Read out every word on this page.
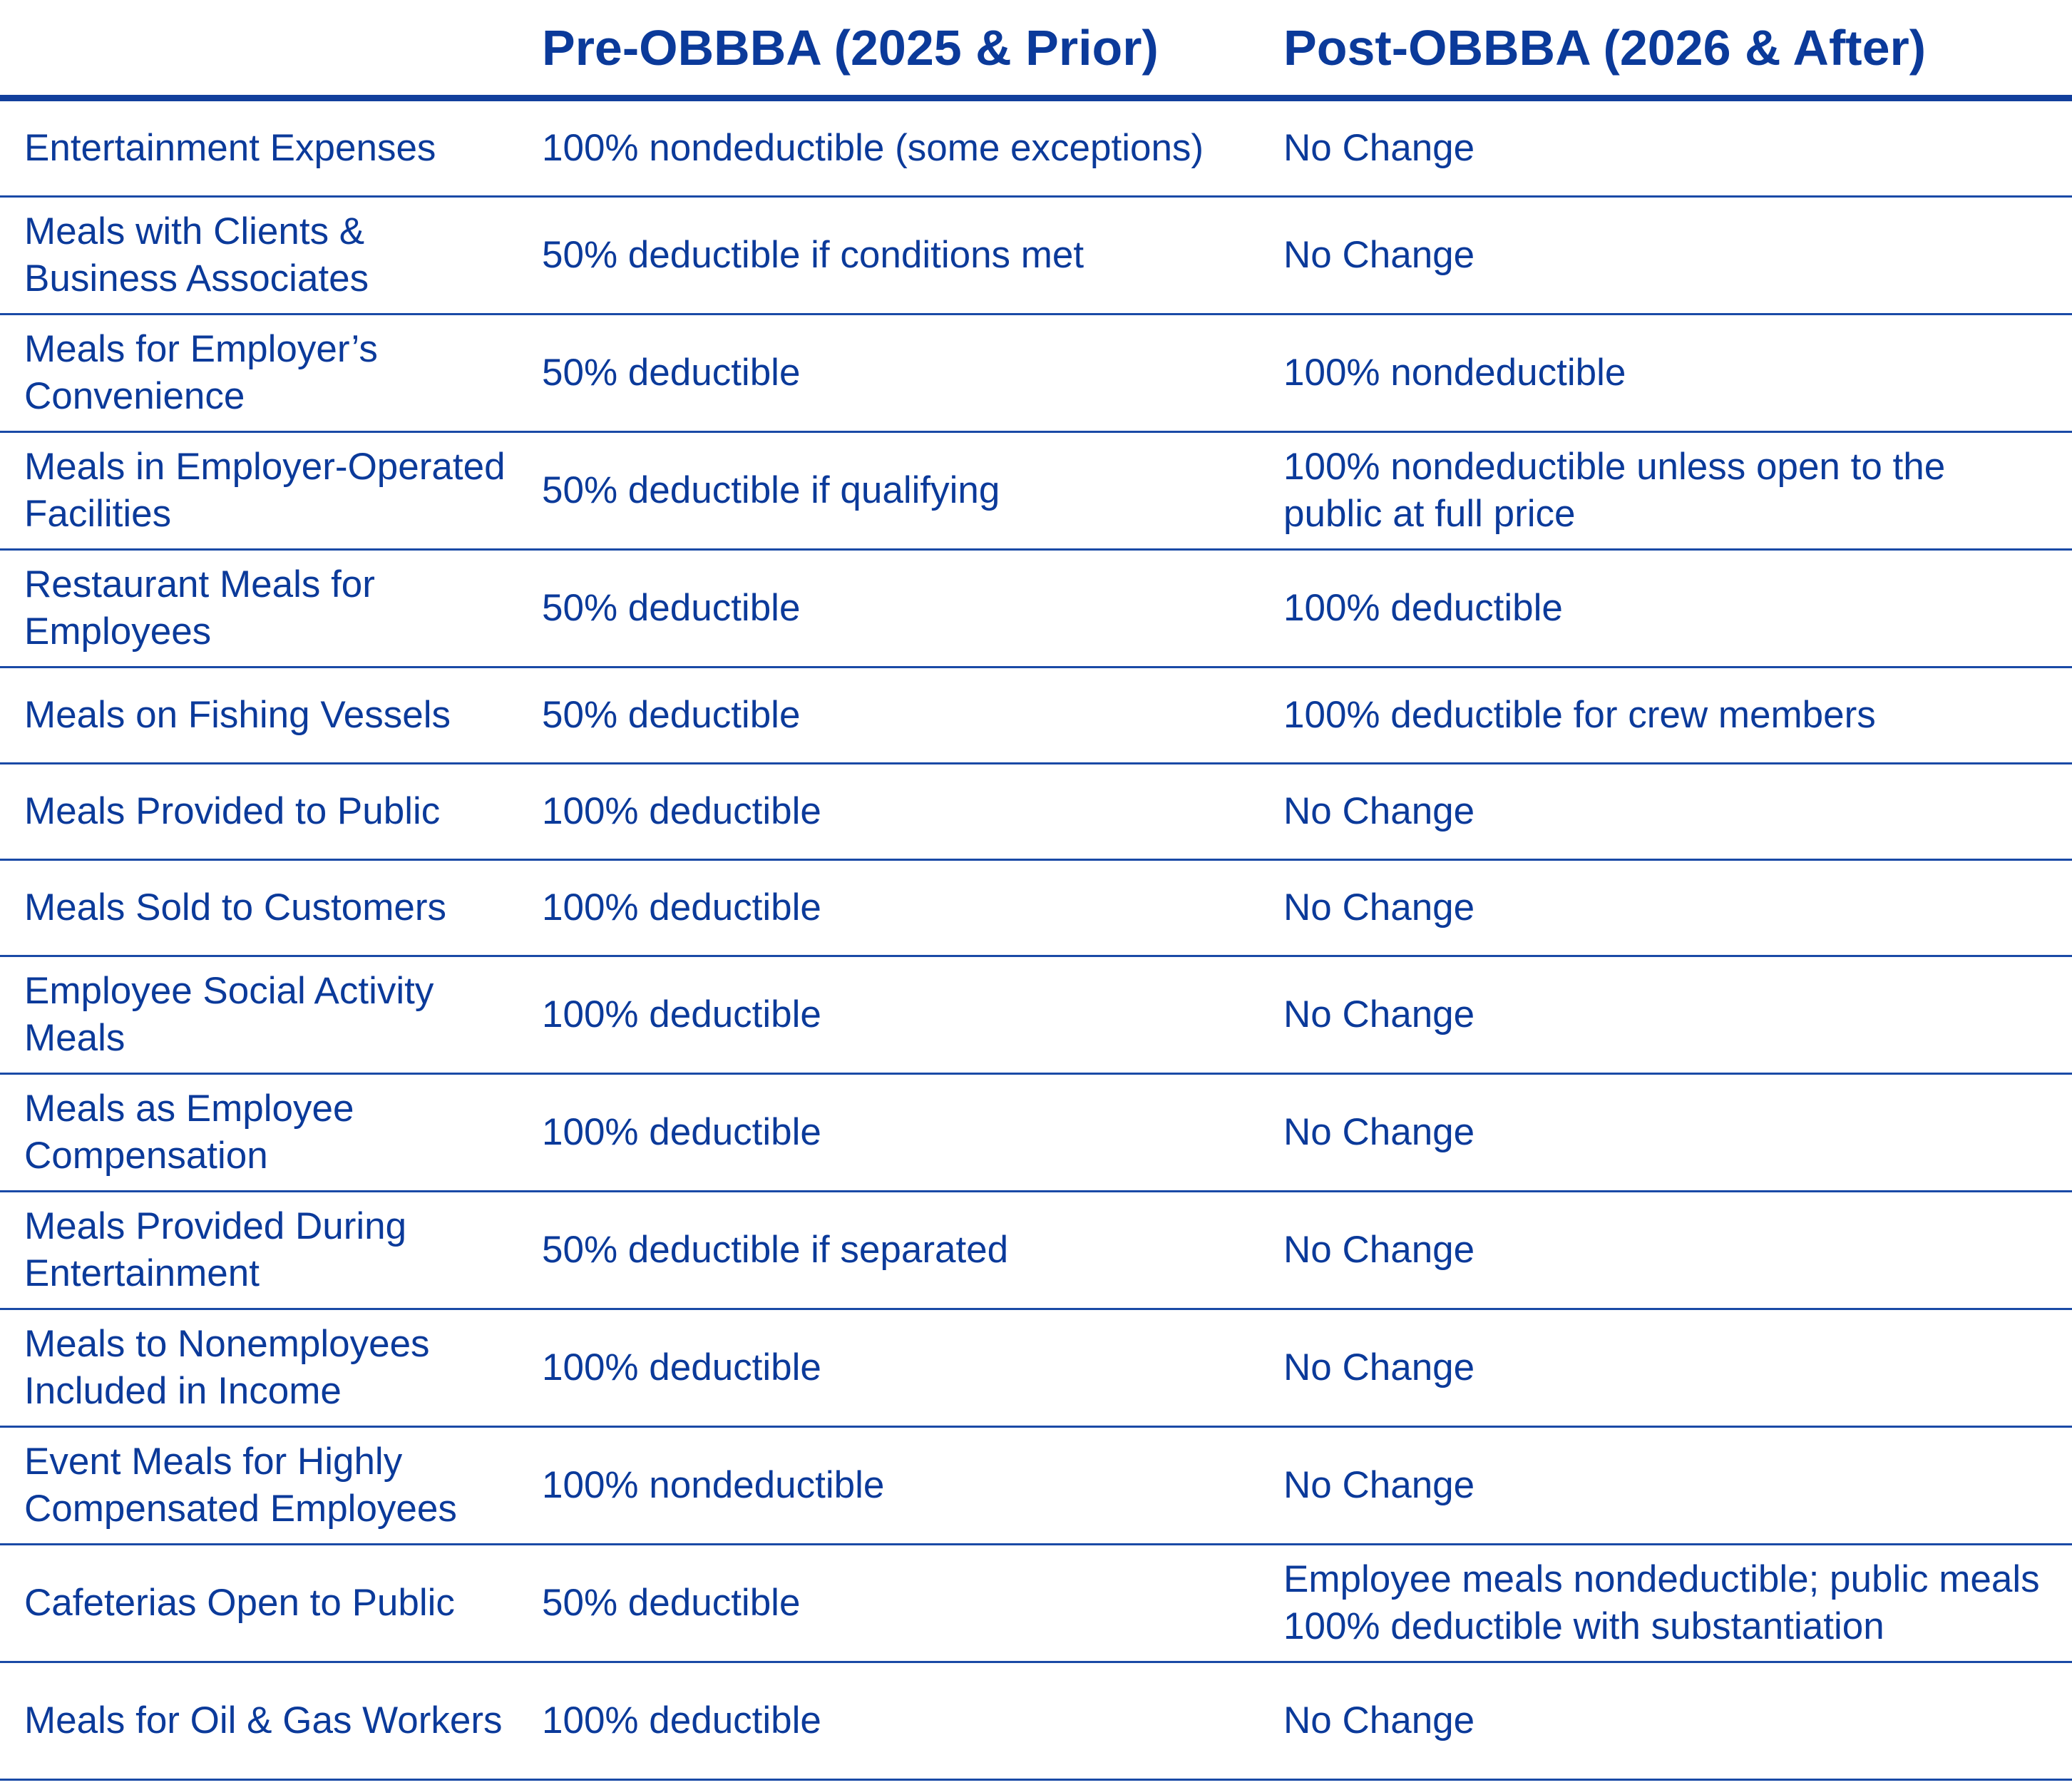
	Pre-OBBBA (2025 & Prior)	Post-OBBBA (2026 & After)
Entertainment Expenses	100% nondeductible (some exceptions)	No Change
Meals with Clients & Business Associates	50% deductible if conditions met	No Change
Meals for Employer’s Convenience	50% deductible	100% nondeductible
Meals in Employer-Operated Facilities	50% deductible if qualifying	100% nondeductible unless open to the public at full price
Restaurant Meals for Employees	50% deductible	100% deductible
Meals on Fishing Vessels	50% deductible	100% deductible for crew members
Meals Provided to Public	100% deductible	No Change
Meals Sold to Customers	100% deductible	No Change
Employee Social Activity Meals	100% deductible	No Change
Meals as Employee Compensation	100% deductible	No Change
Meals Provided During Entertainment	50% deductible if separated	No Change
Meals to Nonemployees Included in Income	100% deductible	No Change
Event Meals for Highly Compensated Employees	100% nondeductible	No Change
Cafeterias Open to Public	50% deductible	Employee meals nondeductible; public meals 100% deductible with substantiation
Meals for Oil & Gas Workers	100% deductible	No Change
